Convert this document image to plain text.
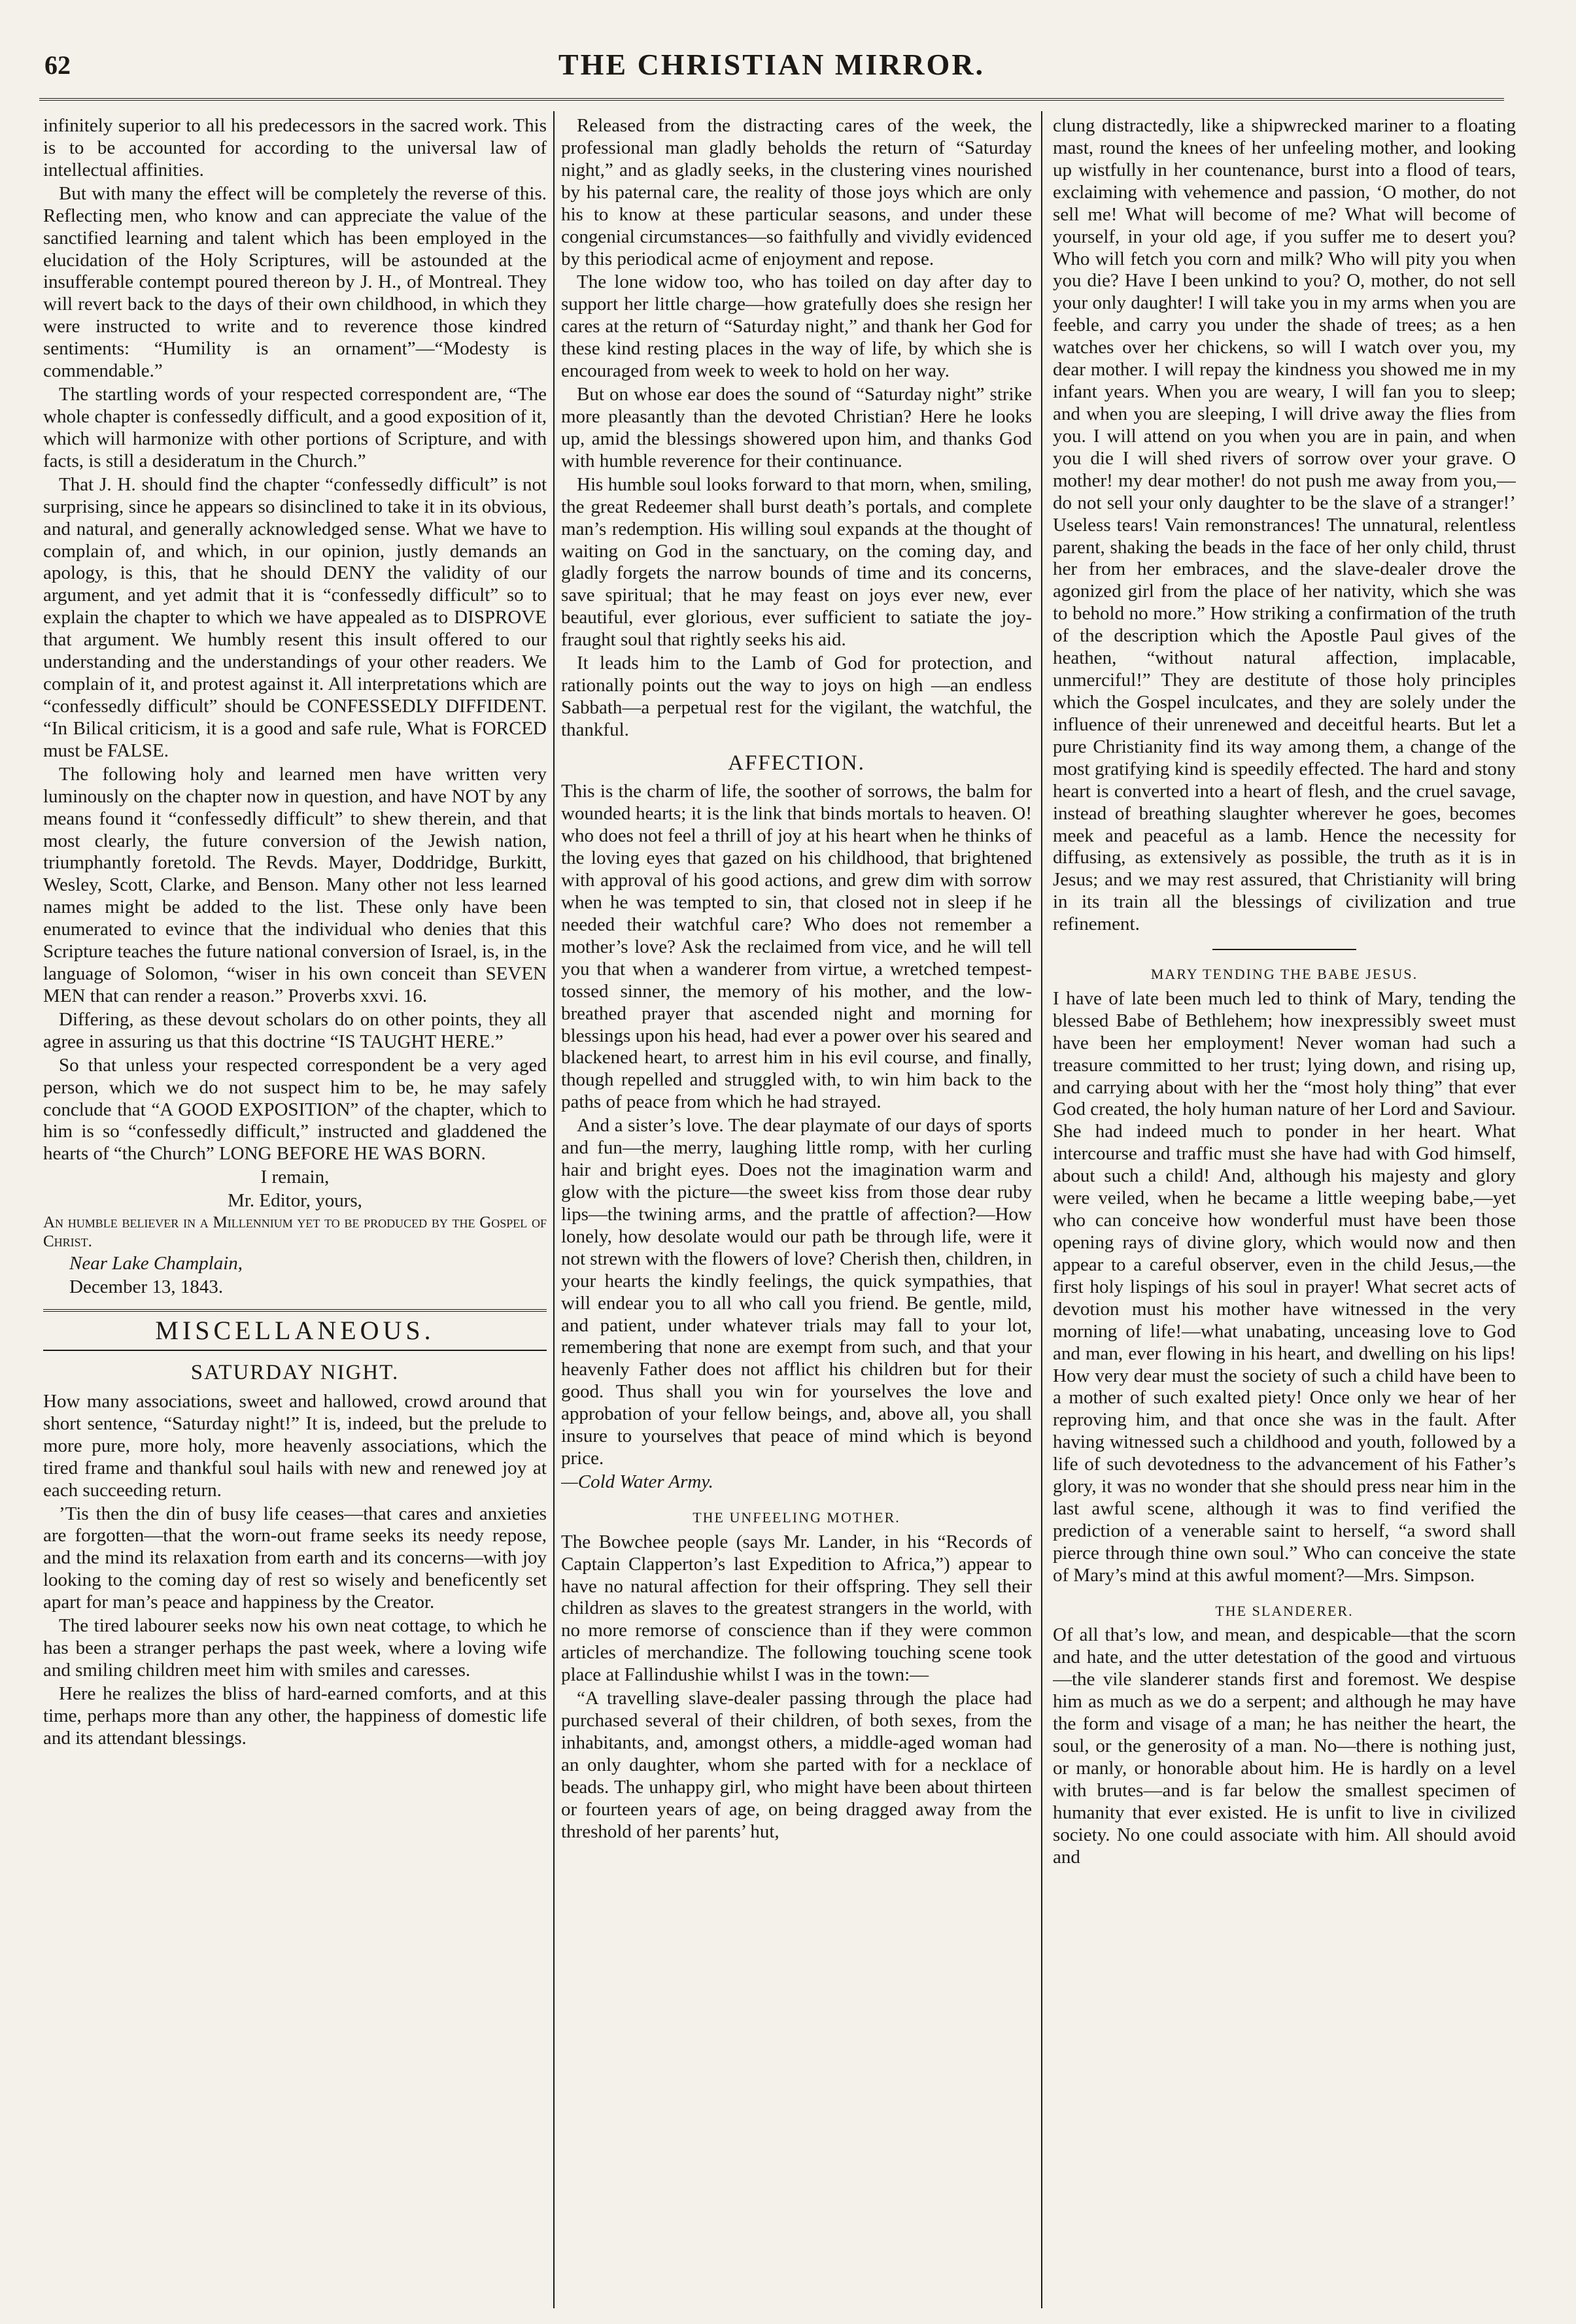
62	THE CHRISTIAN MIRROR.

infinitely superior to all his predecessors in the sacred work. This is to be accounted for according to the universal law of intellectual affinities.

But with many the effect will be completely the reverse of this. Reflecting men, who know and can appreciate the value of the sanctified learning and talent which has been employed in the elucidation of the Holy Scriptures, will be astounded at the insufferable contempt poured thereon by J. H., of Montreal. They will revert back to the days of their own childhood, in which they were instructed to write and to reverence those kindred sentiments: “Humility is an ornament”—“Modesty is commendable.”

The startling words of your respected correspondent are, “The whole chapter is confessedly difficult, and a good exposition of it, which will harmonize with other portions of Scripture, and with facts, is still a desideratum in the Church.”

That J. H. should find the chapter “confessedly difficult” is not surprising, since he appears so disinclined to take it in its obvious, and natural, and generally acknowledged sense. What we have to complain of, and which, in our opinion, justly demands an apology, is this, that he should DENY the validity of our argument, and yet admit that it is “confessedly difficult” so to explain the chapter to which we have appealed as to DISPROVE that argument. We humbly resent this insult offered to our understanding and the understandings of your other readers. We complain of it, and protest against it. All interpretations which are “confessedly difficult” should be CONFESSEDLY DIFFIDENT. “In Bilical criticism, it is a good and safe rule, What is FORCED must be FALSE.

The following holy and learned men have written very luminously on the chapter now in question, and have NOT by any means found it “confessedly difficult” to shew therein, and that most clearly, the future conversion of the Jewish nation, triumphantly foretold. The Revds. Mayer, Doddridge, Burkitt, Wesley, Scott, Clarke, and Benson. Many other not less learned names might be added to the list. These only have been enumerated to evince that the individual who denies that this Scripture teaches the future national conversion of Israel, is, in the language of Solomon, “wiser in his own conceit than SEVEN MEN that can render a reason.” Proverbs xxvi. 16.

Differing, as these devout scholars do on other points, they all agree in assuring us that this doctrine “IS TAUGHT HERE.”

So that unless your respected correspondent be a very aged person, which we do not suspect him to be, he may safely conclude that “A GOOD EXPOSITION” of the chapter, which to him is so “confessedly difficult,” instructed and gladdened the hearts of “the Church” LONG BEFORE HE WAS BORN.

I remain,

Mr. Editor, yours,

An humble believer in a Millennium yet to be produced by the Gospel of Christ.

Near Lake Champlain,

December 13, 1843.

MISCELLANEOUS.
SATURDAY NIGHT.

How many associations, sweet and hallowed, crowd around that short sentence, “Saturday night!” It is, indeed, but the prelude to more pure, more holy, more heavenly associations, which the tired frame and thankful soul hails with new and renewed joy at each succeeding return.

’Tis then the din of busy life ceases—that cares and anxieties are forgotten—that the worn-out frame seeks its needy repose, and the mind its relaxation from earth and its concerns—with joy looking to the coming day of rest so wisely and beneficently set apart for man’s peace and happiness by the Creator.

The tired labourer seeks now his own neat cottage, to which he has been a stranger perhaps the past week, where a loving wife and smiling children meet him with smiles and caresses.

Here he realizes the bliss of hard-earned comforts, and at this time, perhaps more than any other, the happiness of domestic life and its attendant blessings.

Released from the distracting cares of the week, the professional man gladly beholds the return of “Saturday night,” and as gladly seeks, in the clustering vines nourished by his paternal care, the reality of those joys which are only his to know at these particular seasons, and under these congenial circumstances—so faithfully and vividly evidenced by this periodical acme of enjoyment and repose.

The lone widow too, who has toiled on day after day to support her little charge—how gratefully does she resign her cares at the return of “Saturday night,” and thank her God for these kind resting places in the way of life, by which she is encouraged from week to week to hold on her way.

But on whose ear does the sound of “Saturday night” strike more pleasantly than the devoted Christian? Here he looks up, amid the blessings showered upon him, and thanks God with humble reverence for their continuance.

His humble soul looks forward to that morn, when, smiling, the great Redeemer shall burst death’s portals, and complete man’s redemption. His willing soul expands at the thought of waiting on God in the sanctuary, on the coming day, and gladly forgets the narrow bounds of time and its concerns, save spiritual; that he may feast on joys ever new, ever beautiful, ever glorious, ever sufficient to satiate the joy-fraught soul that rightly seeks his aid.

It leads him to the Lamb of God for protection, and rationally points out the way to joys on high —an endless Sabbath—a perpetual rest for the vigilant, the watchful, the thankful.

AFFECTION.

This is the charm of life, the soother of sorrows, the balm for wounded hearts; it is the link that binds mortals to heaven. O! who does not feel a thrill of joy at his heart when he thinks of the loving eyes that gazed on his childhood, that brightened with approval of his good actions, and grew dim with sorrow when he was tempted to sin, that closed not in sleep if he needed their watchful care? Who does not remember a mother’s love? Ask the reclaimed from vice, and he will tell you that when a wanderer from virtue, a wretched tempest-tossed sinner, the memory of his mother, and the low-breathed prayer that ascended night and morning for blessings upon his head, had ever a power over his seared and blackened heart, to arrest him in his evil course, and finally, though repelled and struggled with, to win him back to the paths of peace from which he had strayed.

And a sister’s love. The dear playmate of our days of sports and fun—the merry, laughing little romp, with her curling hair and bright eyes. Does not the imagination warm and glow with the picture—the sweet kiss from those dear ruby lips—the twining arms, and the prattle of affection?—How lonely, how desolate would our path be through life, were it not strewn with the flowers of love? Cherish then, children, in your hearts the kindly feelings, the quick sympathies, that will endear you to all who call you friend. Be gentle, mild, and patient, under whatever trials may fall to your lot, remembering that none are exempt from such, and that your heavenly Father does not afflict his children but for their good. Thus shall you win for yourselves the love and approbation of your fellow beings, and, above all, you shall insure to yourselves that peace of mind which is beyond price.

—Cold Water Army.

THE UNFEELING MOTHER.

The Bowchee people (says Mr. Lander, in his “Records of Captain Clapperton’s last Expedition to Africa,”) appear to have no natural affection for their offspring. They sell their children as slaves to the greatest strangers in the world, with no more remorse of conscience than if they were common articles of merchandize. The following touching scene took place at Fallindushie whilst I was in the town:—

“A travelling slave-dealer passing through the place had purchased several of their children, of both sexes, from the inhabitants, and, amongst others, a middle-aged woman had an only daughter, whom she parted with for a necklace of beads. The unhappy girl, who might have been about thirteen or fourteen years of age, on being dragged away from the threshold of her parents’ hut,

clung distractedly, like a shipwrecked mariner to a floating mast, round the knees of her unfeeling mother, and looking up wistfully in her countenance, burst into a flood of tears, exclaiming with vehemence and passion, ‘O mother, do not sell me! What will become of me? What will become of yourself, in your old age, if you suffer me to desert you? Who will fetch you corn and milk? Who will pity you when you die? Have I been unkind to you? O, mother, do not sell your only daughter! I will take you in my arms when you are feeble, and carry you under the shade of trees; as a hen watches over her chickens, so will I watch over you, my dear mother. I will repay the kindness you showed me in my infant years. When you are weary, I will fan you to sleep; and when you are sleeping, I will drive away the flies from you. I will attend on you when you are in pain, and when you die I will shed rivers of sorrow over your grave. O mother! my dear mother! do not push me away from you,—do not sell your only daughter to be the slave of a stranger!’ Useless tears! Vain remonstrances! The unnatural, relentless parent, shaking the beads in the face of her only child, thrust her from her embraces, and the slave-dealer drove the agonized girl from the place of her nativity, which she was to behold no more.” How striking a confirmation of the truth of the description which the Apostle Paul gives of the heathen, “without natural affection, implacable, unmerciful!” They are destitute of those holy principles which the Gospel inculcates, and they are solely under the influence of their unrenewed and deceitful hearts. But let a pure Christianity find its way among them, a change of the most gratifying kind is speedily effected. The hard and stony heart is converted into a heart of flesh, and the cruel savage, instead of breathing slaughter wherever he goes, becomes meek and peaceful as a lamb. Hence the necessity for diffusing, as extensively as possible, the truth as it is in Jesus; and we may rest assured, that Christianity will bring in its train all the blessings of civilization and true refinement.

MARY TENDING THE BABE JESUS.

I have of late been much led to think of Mary, tending the blessed Babe of Bethlehem; how inexpressibly sweet must have been her employment! Never woman had such a treasure committed to her trust; lying down, and rising up, and carrying about with her the “most holy thing” that ever God created, the holy human nature of her Lord and Saviour. She had indeed much to ponder in her heart. What intercourse and traffic must she have had with God himself, about such a child! And, although his majesty and glory were veiled, when he became a little weeping babe,—yet who can conceive how wonderful must have been those opening rays of divine glory, which would now and then appear to a careful observer, even in the child Jesus,—the first holy lispings of his soul in prayer! What secret acts of devotion must his mother have witnessed in the very morning of life!—what unabating, unceasing love to God and man, ever flowing in his heart, and dwelling on his lips! How very dear must the society of such a child have been to a mother of such exalted piety! Once only we hear of her reproving him, and that once she was in the fault. After having witnessed such a childhood and youth, followed by a life of such devotedness to the advancement of his Father’s glory, it was no wonder that she should press near him in the last awful scene, although it was to find verified the prediction of a venerable saint to herself, “a sword shall pierce through thine own soul.” Who can conceive the state of Mary’s mind at this awful moment?—Mrs. Simpson.

THE SLANDERER.

Of all that’s low, and mean, and despicable—that the scorn and hate, and the utter detestation of the good and virtuous—the vile slanderer stands first and foremost. We despise him as much as we do a serpent; and although he may have the form and visage of a man; he has neither the heart, the soul, or the generosity of a man. No—there is nothing just, or manly, or honorable about him. He is hardly on a level with brutes—and is far below the smallest specimen of humanity that ever existed. He is unfit to live in civilized society. No one could associate with him. All should avoid and
